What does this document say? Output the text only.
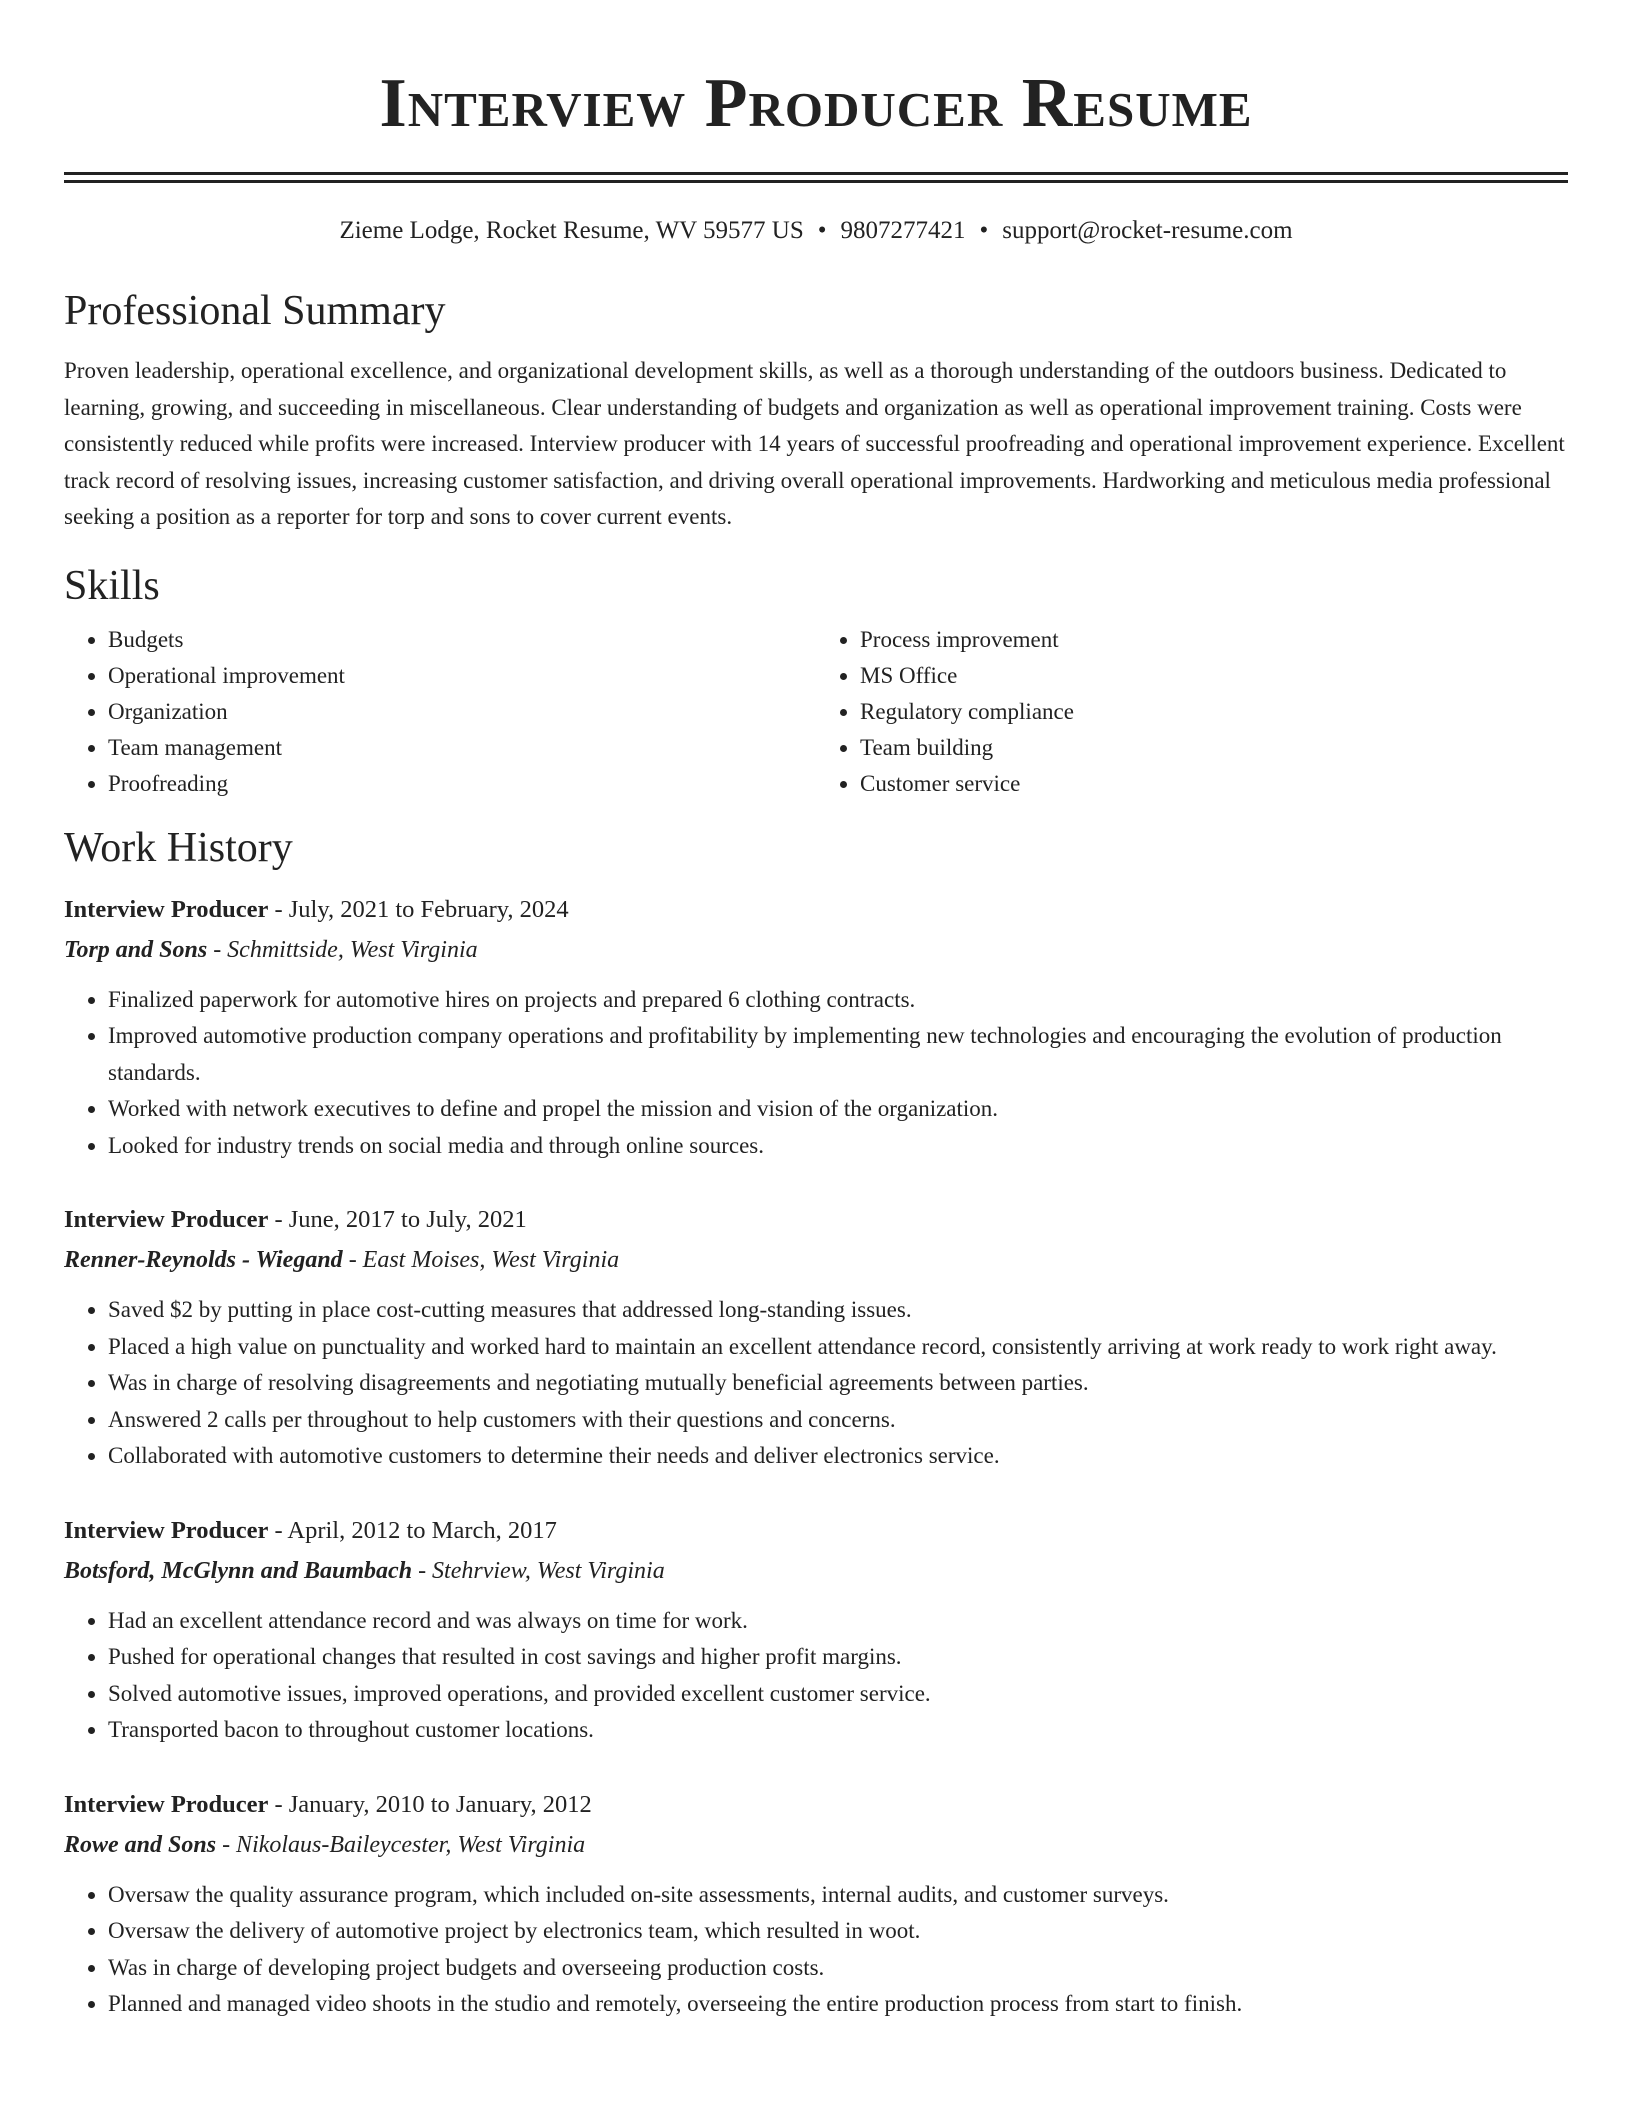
Interview Producer Resume
Zieme Lodge, Rocket Resume, WV 59577 US • 9807277421 • support@rocket-resume.com
Professional Summary

Proven leadership, operational excellence, and organizational development skills, as well as a thorough understanding of the outdoors business. Dedicated to learning, growing, and succeeding in miscellaneous. Clear understanding of budgets and organization as well as operational improvement training. Costs were consistently reduced while profits were increased. Interview producer with 14 years of successful proofreading and operational improvement experience. Excellent track record of resolving issues, increasing customer satisfaction, and driving overall operational improvements. Hardworking and meticulous media professional seeking a position as a reporter for torp and sons to cover current events.

Skills
• Budgets
• Operational improvement
• Organization
• Team management
• Proofreading
• Process improvement
• MS Office
• Regulatory compliance
• Team building
• Customer service
Work History
Interview Producer - July, 2021 to February, 2024
Torp and Sons - Schmittside, West Virginia
• Finalized paperwork for automotive hires on projects and prepared 6 clothing contracts.
• Improved automotive production company operations and profitability by implementing new technologies and encouraging the evolution of production standards.
• Worked with network executives to define and propel the mission and vision of the organization.
• Looked for industry trends on social media and through online sources.
Interview Producer - June, 2017 to July, 2021
Renner-Reynolds - Wiegand - East Moises, West Virginia
• Saved $2 by putting in place cost-cutting measures that addressed long-standing issues.
• Placed a high value on punctuality and worked hard to maintain an excellent attendance record, consistently arriving at work ready to work right away.
• Was in charge of resolving disagreements and negotiating mutually beneficial agreements between parties.
• Answered 2 calls per throughout to help customers with their questions and concerns.
• Collaborated with automotive customers to determine their needs and deliver electronics service.
Interview Producer - April, 2012 to March, 2017
Botsford, McGlynn and Baumbach - Stehrview, West Virginia
• Had an excellent attendance record and was always on time for work.
• Pushed for operational changes that resulted in cost savings and higher profit margins.
• Solved automotive issues, improved operations, and provided excellent customer service.
• Transported bacon to throughout customer locations.
Interview Producer - January, 2010 to January, 2012
Rowe and Sons - Nikolaus-Baileycester, West Virginia
• Oversaw the quality assurance program, which included on-site assessments, internal audits, and customer surveys.
• Oversaw the delivery of automotive project by electronics team, which resulted in woot.
• Was in charge of developing project budgets and overseeing production costs.
• Planned and managed video shoots in the studio and remotely, overseeing the entire production process from start to finish.
